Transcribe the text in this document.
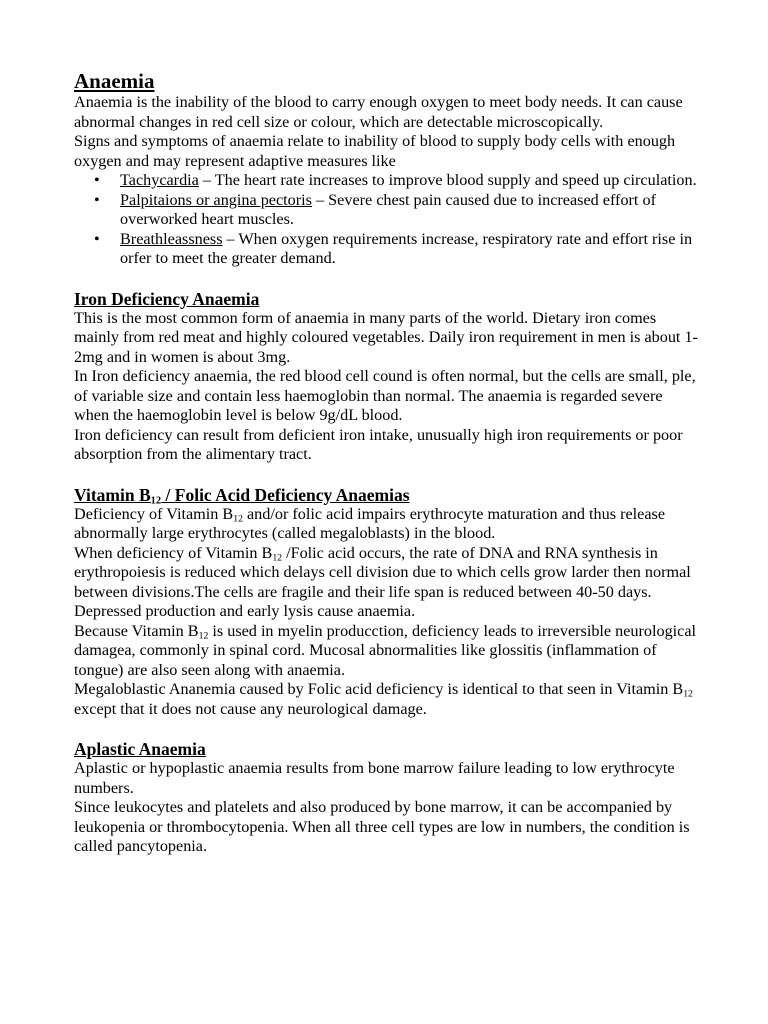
Anaemia

Anaemia is the inability of the blood to carry enough oxygen to meet body needs. It can cause abnormal changes in red cell size or colour, which are detectable microscopically.

Signs and symptoms of anaemia relate to inability of blood to supply body cells with enough oxygen and may represent adaptive measures like

• Tachycardia – The heart rate increases to improve blood supply and speed up circulation.
• Palpitaions or angina pectoris – Severe chest pain caused due to increased effort of overworked heart muscles.
• Breathleassness – When oxygen requirements increase, respiratory rate and effort rise in orfer to meet the greater demand.
Iron Deficiency Anaemia

This is the most common form of anaemia in many parts of the world. Dietary iron comes mainly from red meat and highly coloured vegetables. Daily iron requirement in men is about 1-2mg and in women is about 3mg.

In Iron deficiency anaemia, the red blood cell cound is often normal, but the cells are small, ple, of variable size and contain less haemoglobin than normal. The anaemia is regarded severe when the haemoglobin level is below 9g/dL blood.

Iron deficiency can result from deficient iron intake, unusually high iron requirements or poor absorption from the alimentary tract.

Vitamin $B_{12}$ / Folic Acid Deficiency Anaemias

Deficiency of Vitamin $B_{12}$ and/or folic acid impairs erythrocyte maturation and thus release abnormally large erythrocytes (called megaloblasts) in the blood.

When deficiency of Vitamin $B_{12}$ /Folic acid occurs, the rate of DNA and RNA synthesis in erythropoiesis is reduced which delays cell division due to which cells grow larder then normal between divisions.The cells are fragile and their life span is reduced between 40-50 days. Depressed production and early lysis cause anaemia.

Because Vitamin $B_{12}$ is used in myelin producction, deficiency leads to irreversible neurological damagea, commonly in spinal cord. Mucosal abnormalities like glossitis (inflammation of tongue) are also seen along with anaemia.

Megaloblastic Ananemia caused by Folic acid deficiency is identical to that seen in Vitamin $B_{12}$ except that it does not cause any neurological damage.

Aplastic Anaemia

Aplastic or hypoplastic anaemia results from bone marrow failure leading to low erythrocyte numbers.

Since leukocytes and platelets and also produced by bone marrow, it can be accompanied by leukopenia or thrombocytopenia. When all three cell types are low in numbers, the condition is called pancytopenia.
